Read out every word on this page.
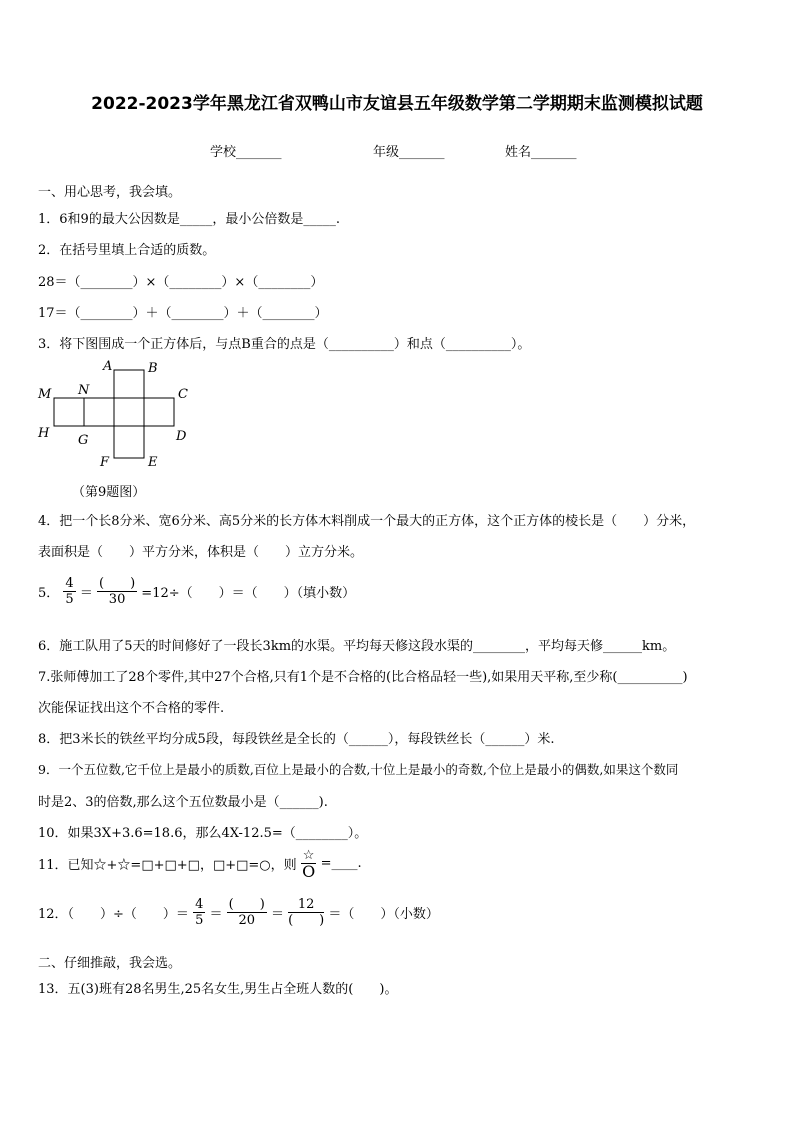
2022-2023学年黑龙江省双鸭山市友谊县五年级数学第二学期期末监测模拟试题
学校_______	年级_______	姓名_______
一、用心思考，我会填。
1．6和9的最大公因数是_____，最小公倍数是_____.
2．在括号里填上合适的质数。
28＝（________）×（________）×（________）
17＝（________）＋（________）＋（________）
3．将下图围成一个正方体后，与点B重合的点是（__________）和点（__________）。
A	B
C
D
E
F
G
H
M N
（第9题图）
4．把一个长8分米、宽6分米、高5分米的长方体木料削成一个最大的正方体，这个正方体的棱长是（　　）分米，
表面积是（　　）平方分米，体积是（　　）立方分米。
5． $\frac{4}{5} = \frac{( )}{30} =12\div$（　　）＝（　　）（填小数）
6．施工队用了5天的时间修好了一段长3km的水渠。平均每天修这段水渠的________，平均每天修______km。
7.张师傅加工了28个零件,其中27个合格,只有1个是不合格的(比合格品轻一些),如果用天平称,至少称(__________)
次能保证找出这个不合格的零件.
8．把3米长的铁丝平均分成5段，每段铁丝是全长的（______），每段铁丝长（______）米.
9．一个五位数,它千位上是最小的质数,百位上是最小的合数,十位上是最小的奇数,个位上是最小的偶数,如果这个数同
时是2、3的倍数,那么这个五位数最小是（______).
10．如果3X+3.6=18.6，那么4X-12.5=（________）。
11．已知☆+☆=□+□+□，□+□=○，则 $\frac{☆}{O}$ =____.
12．（　　）÷（　　）＝ $\frac{4}{5} = \frac{( )}{20} = \frac{12}{( )}$ ＝（　　）（小数）
二、仔细推敲，我会选。
13．五(3)班有28名男生,25名女生,男生占全班人数的(　　)。
